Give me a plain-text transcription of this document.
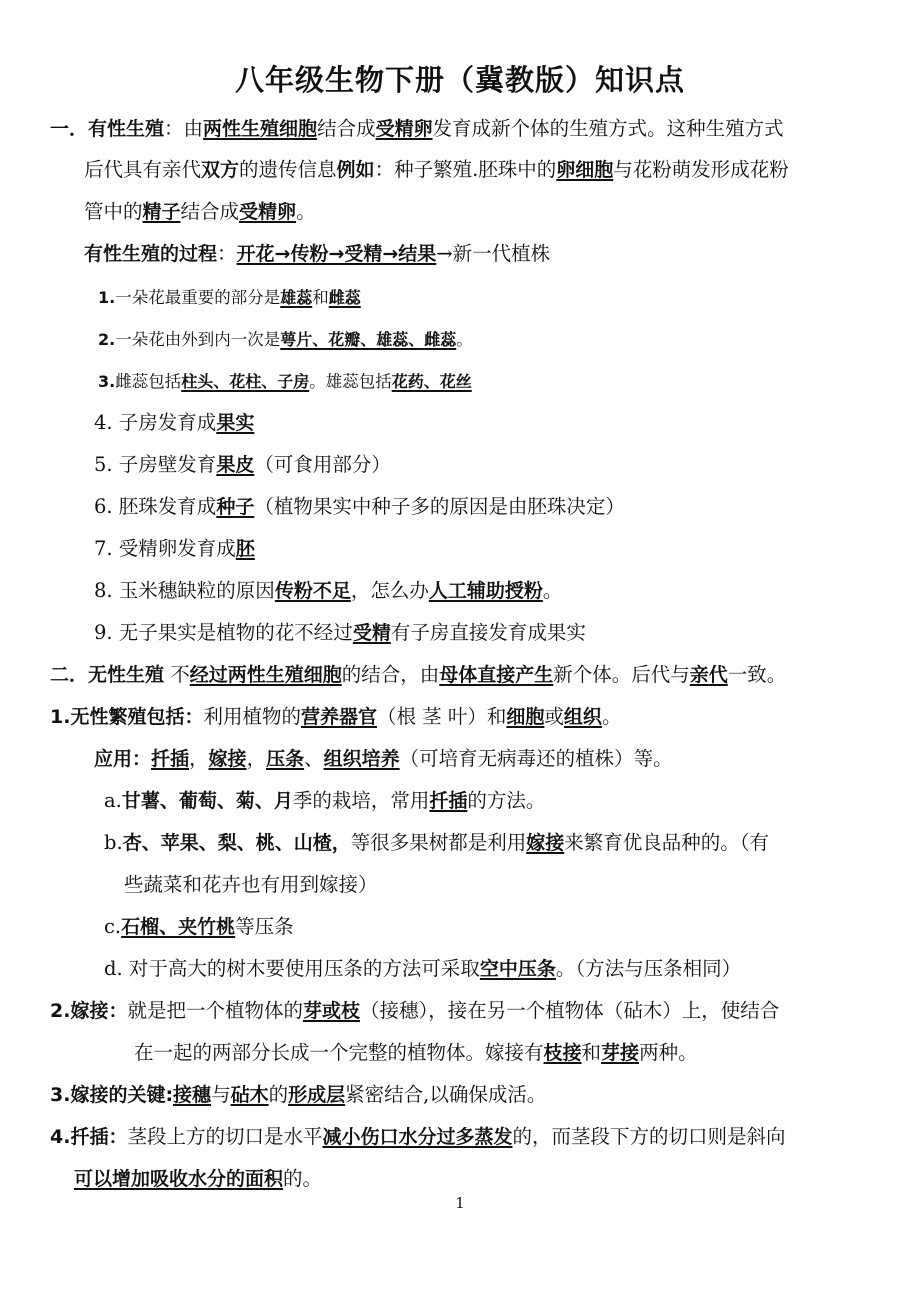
八年级生物下册（冀教版）知识点
一．有性生殖：由两性生殖细胞结合成受精卵发育成新个体的生殖方式。这种生殖方式
后代具有亲代双方的遗传信息例如：种子繁殖.胚珠中的卵细胞与花粉萌发形成花粉
管中的精子结合成受精卵。
有性生殖的过程：开花→传粉→受精→结果→新一代植株
1.一朵花最重要的部分是雄蕊和雌蕊
2.一朵花由外到内一次是萼片、花瓣、雄蕊、雌蕊。
3.雌蕊包括柱头、花柱、子房。雄蕊包括花药、花丝
4. 子房发育成果实
5. 子房壁发育果皮（可食用部分）
6. 胚珠发育成种子（植物果实中种子多的原因是由胚珠决定）
7. 受精卵发育成胚
8. 玉米穗缺粒的原因传粉不足，怎么办人工辅助授粉。
9. 无子果实是植物的花不经过受精有子房直接发育成果实
二．无性生殖 不经过两性生殖细胞的结合，由母体直接产生新个体。后代与亲代一致。
1.无性繁殖包括：利用植物的营养器官（根 茎 叶）和细胞或组织。
应用：扦插，嫁接，压条、组织培养（可培育无病毒还的植株）等。
a.甘薯、葡萄、菊、月季的栽培，常用扦插的方法。
b.杏、苹果、梨、桃、山楂，等很多果树都是利用嫁接来繁育优良品种的。（有
些蔬菜和花卉也有用到嫁接）
c.石榴、夹竹桃等压条
d. 对于高大的树木要使用压条的方法可采取空中压条。（方法与压条相同）
2.嫁接：就是把一个植物体的芽或枝（接穗），接在另一个植物体（砧木）上，使结合
在一起的两部分长成一个完整的植物体。嫁接有枝接和芽接两种。
3.嫁接的关键:接穗与砧木的形成层紧密结合,以确保成活。
4.扦插：茎段上方的切口是水平减小伤口水分过多蒸发的，而茎段下方的切口则是斜向
可以增加吸收水分的面积的。
1
